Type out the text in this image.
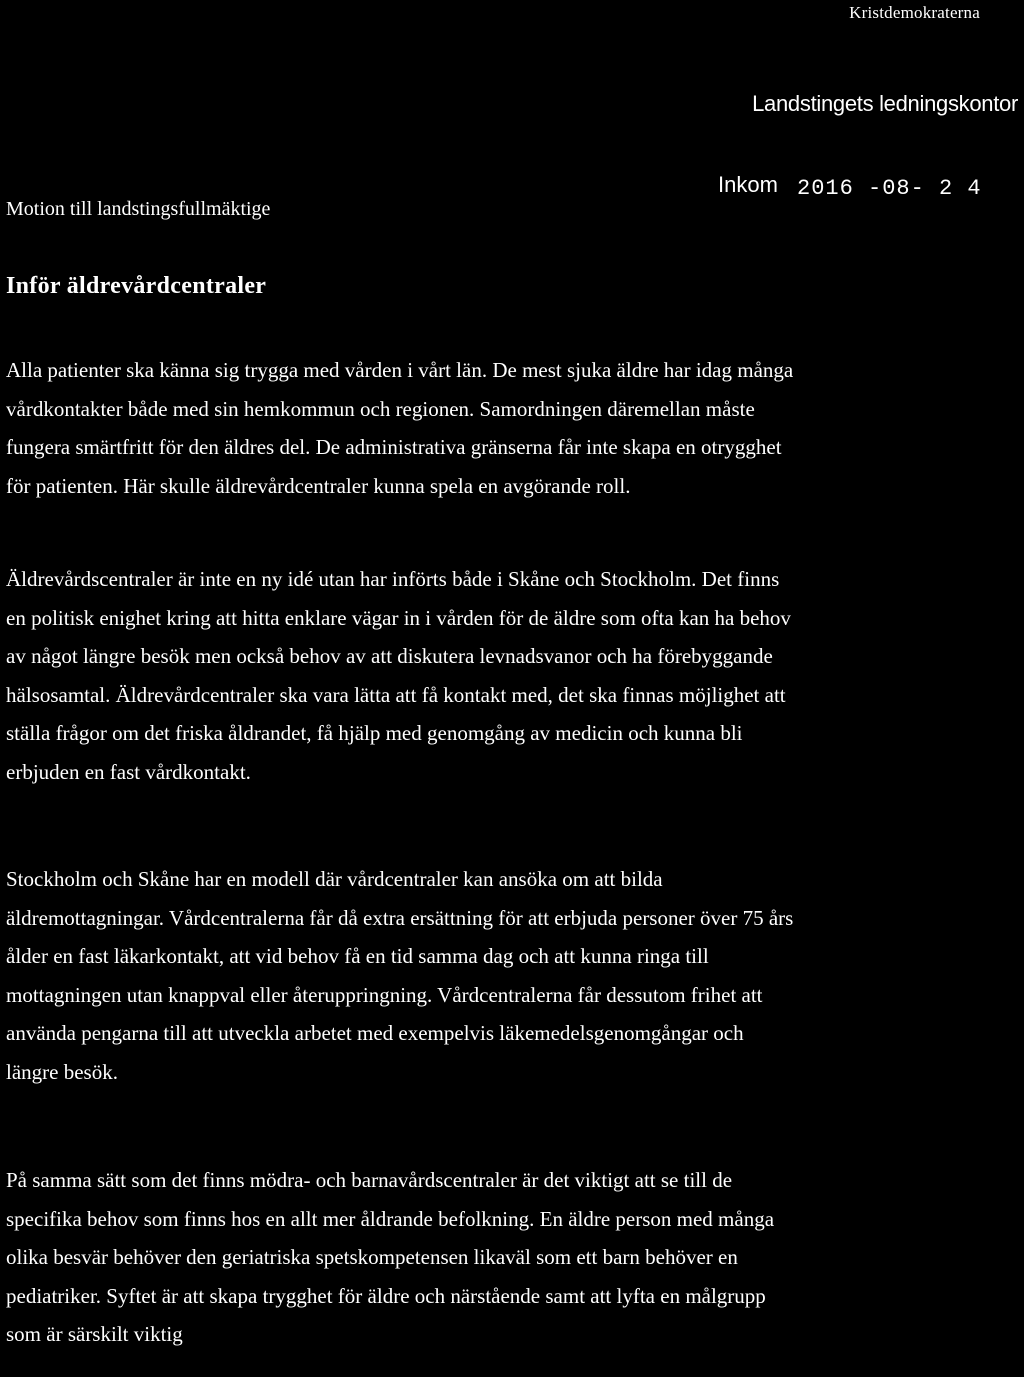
Kristdemokraterna
Landstingets ledningskontor
Inkom 2016 -08- 2 4
Motion till landstingsfullmäktige
Inför äldrevårdcentraler
Alla patienter ska känna sig trygga med vården i vårt län. De mest sjuka äldre har idag många
vårdkontakter både med sin hemkommun och regionen. Samordningen däremellan måste
fungera smärtfritt för den äldres del. De administrativa gränserna får inte skapa en otrygghet
för patienten. Här skulle äldrevårdcentraler kunna spela en avgörande roll.
Äldrevårdscentraler är inte en ny idé utan har införts både i Skåne och Stockholm. Det finns
en politisk enighet kring att hitta enklare vägar in i vården för de äldre som ofta kan ha behov
av något längre besök men också behov av att diskutera levnadsvanor och ha förebyggande
hälsosamtal. Äldrevårdcentraler ska vara lätta att få kontakt med, det ska finnas möjlighet att
ställa frågor om det friska åldrandet, få hjälp med genomgång av medicin och kunna bli
erbjuden en fast vårdkontakt.
Stockholm och Skåne har en modell där vårdcentraler kan ansöka om att bilda
äldremottagningar. Vårdcentralerna får då extra ersättning för att erbjuda personer över 75 års
ålder en fast läkarkontakt, att vid behov få en tid samma dag och att kunna ringa till
mottagningen utan knappval eller återuppringning. Vårdcentralerna får dessutom frihet att
använda pengarna till att utveckla arbetet med exempelvis läkemedelsgenomgångar och
längre besök.
På samma sätt som det finns mödra- och barnavårdscentraler är det viktigt att se till de
specifika behov som finns hos en allt mer åldrande befolkning. En äldre person med många
olika besvär behöver den geriatriska spetskompetensen likaväl som ett barn behöver en
pediatriker. Syftet är att skapa trygghet för äldre och närstående samt att lyfta en målgrupp
som är särskilt viktig
